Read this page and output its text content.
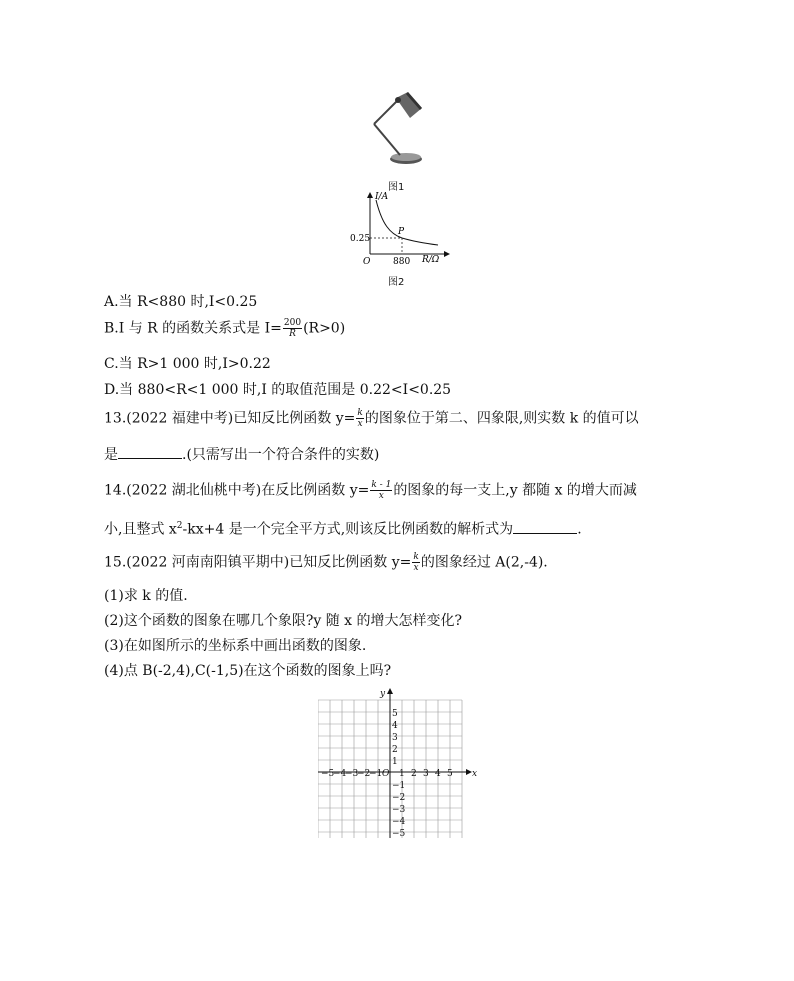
图1
I/A
R/Ω
0.25
880
O
P
图2
A.当 R<880 时,I<0.25
B.I 与 R 的函数关系式是 $I= \frac{200}{R} (R>0)$
C.当 R>1 000 时,I>0.22
D.当 880<R<1 000 时,I 的取值范围是 0.22<I<0.25
13.(2022 福建中考)已知反比例函数 $y= \frac{k}{x}$ 的图象位于第二、四象限,则实数 k 的值可以
是	.(只需写出一个符合条件的实数)
14.(2022 湖北仙桃中考)在反比例函数 $y= \frac{k - 1}{x}$ 的图象的每一支上,y 都随 x 的增大而减
小,且整式 $x^2-kx+4$ 是一个完全平方式,则该反比例函数的解析式为	.
15.(2022 河南南阳镇平期中)已知反比例函数 $y= \frac{k}{x}$ 的图象经过 A(2,-4).
(1)求 k 的值.
(2)这个函数的图象在哪几个象限?y 随 x 的增大怎样变化?
(3)在如图所示的坐标系中画出函数的图象.
(4)点 B(-2,4),C(-1,5)在这个函数的图象上吗?
−5
−4
−3
−2
−1 1 2 3 4 5
5
4
3
2
1
−1
−2
−3
−4
−5
O	x
y
